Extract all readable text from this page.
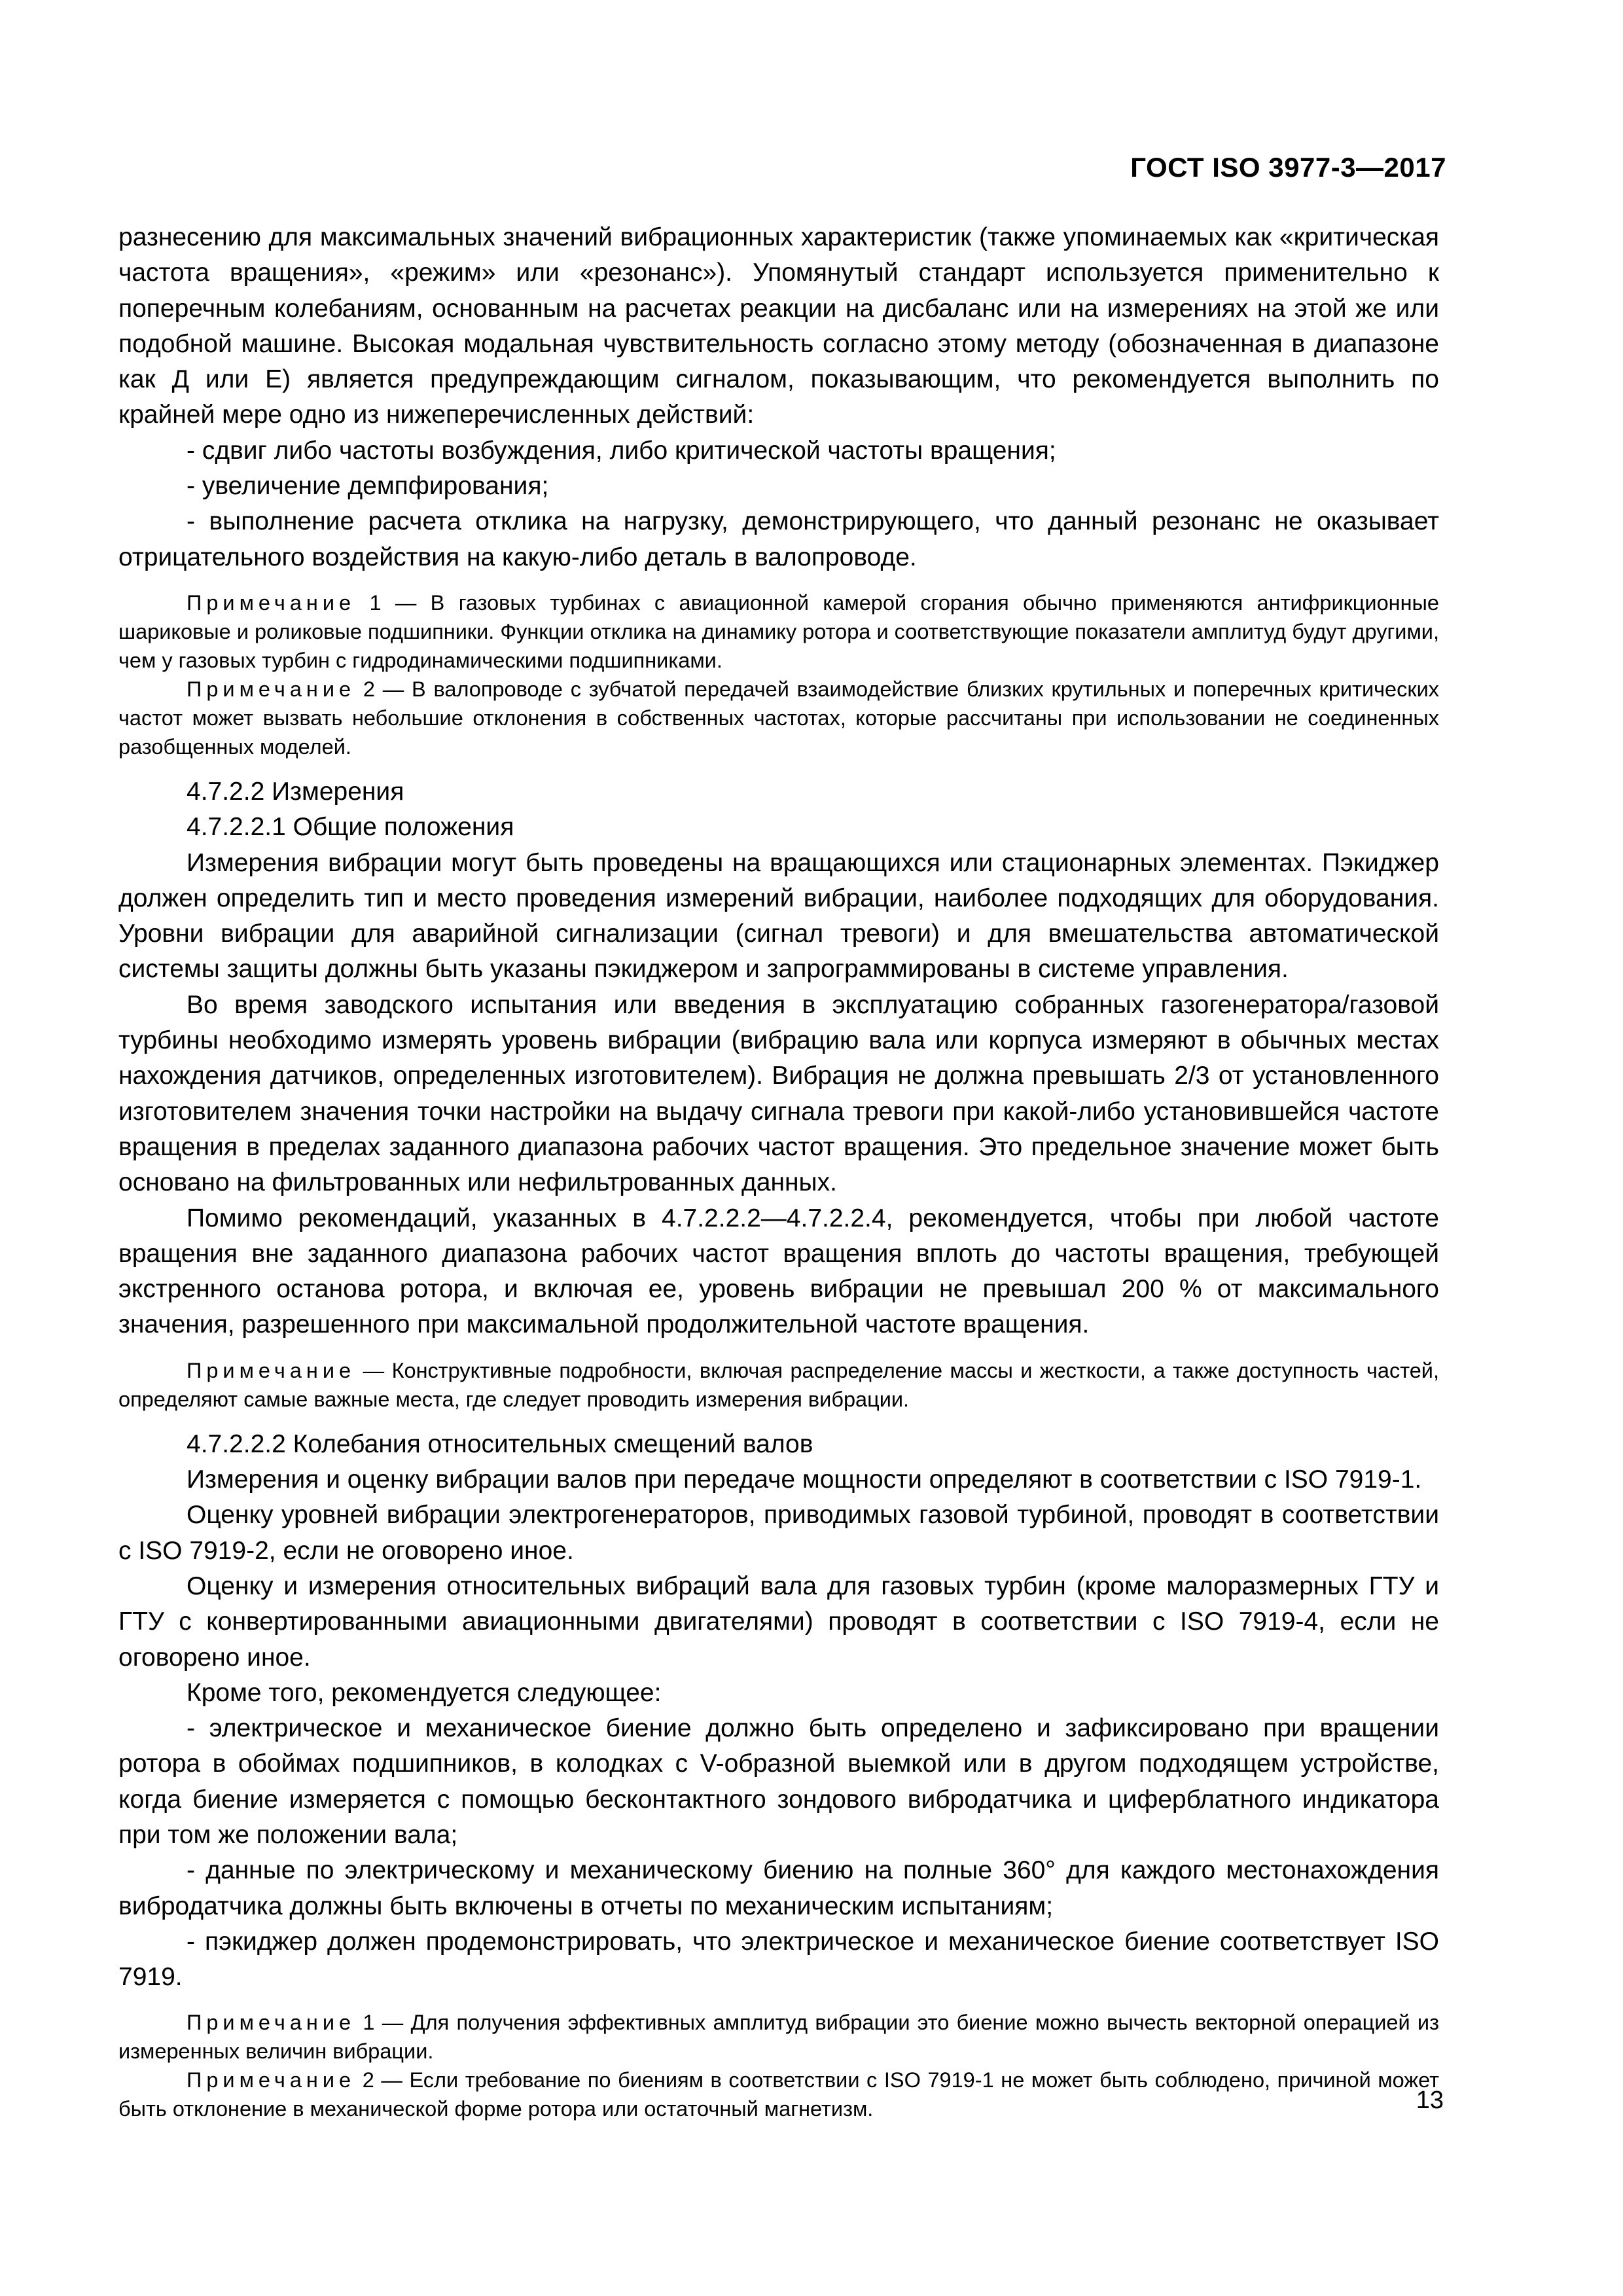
ГОСТ ISO 3977-3—2017

разнесению для максимальных значений вибрационных характеристик (также упоминаемых как «критическая частота вращения», «режим» или «резонанс»). Упомянутый стандарт используется применительно к поперечным колебаниям, основанным на расчетах реакции на дисбаланс или на измерениях на этой же или подобной машине. Высокая модальная чувствительность согласно этому методу (обозначенная в диапазоне как Д или Е) является предупреждающим сигналом, показывающим, что рекомендуется выполнить по крайней мере одно из нижеперечисленных действий:

- сдвиг либо частоты возбуждения, либо критической частоты вращения;

- увеличение демпфирования;

- выполнение расчета отклика на нагрузку, демонстрирующего, что данный резонанс не оказывает отрицательного воздействия на какую-либо деталь в валопроводе.

Примечание 1 — В газовых турбинах с авиационной камерой сгорания обычно применяются антифрикционные шариковые и роликовые подшипники. Функции отклика на динамику ротора и соответствующие показатели амплитуд будут другими, чем у газовых турбин с гидродинамическими подшипниками.

Примечание 2 — В валопроводе с зубчатой передачей взаимодействие близких крутильных и поперечных критических частот может вызвать небольшие отклонения в собственных частотах, которые рассчитаны при использовании не соединенных разобщенных моделей.

4.7.2.2 Измерения

4.7.2.2.1 Общие положения

Измерения вибрации могут быть проведены на вращающихся или стационарных элементах. Пэкиджер должен определить тип и место проведения измерений вибрации, наиболее подходящих для оборудования. Уровни вибрации для аварийной сигнализации (сигнал тревоги) и для вмешательства автоматической системы защиты должны быть указаны пэкиджером и запрограммированы в системе управления.

Во время заводского испытания или введения в эксплуатацию собранных газогенератора/газовой турбины необходимо измерять уровень вибрации (вибрацию вала или корпуса измеряют в обычных местах нахождения датчиков, определенных изготовителем). Вибрация не должна превышать 2/3 от установленного изготовителем значения точки настройки на выдачу сигнала тревоги при какой-либо установившейся частоте вращения в пределах заданного диапазона рабочих частот вращения. Это предельное значение может быть основано на фильтрованных или нефильтрованных данных.

Помимо рекомендаций, указанных в 4.7.2.2.2—4.7.2.2.4, рекомендуется, чтобы при любой частоте вращения вне заданного диапазона рабочих частот вращения вплоть до частоты вращения, требующей экстренного останова ротора, и включая ее, уровень вибрации не превышал 200 % от максимального значения, разрешенного при максимальной продолжительной частоте вращения.

Примечание — Конструктивные подробности, включая распределение массы и жесткости, а также доступность частей, определяют самые важные места, где следует проводить измерения вибрации.

4.7.2.2.2 Колебания относительных смещений валов

Измерения и оценку вибрации валов при передаче мощности определяют в соответствии с ISO 7919-1.

Оценку уровней вибрации электрогенераторов, приводимых газовой турбиной, проводят в соответствии с ISO 7919-2, если не оговорено иное.

Оценку и измерения относительных вибраций вала для газовых турбин (кроме малоразмерных ГТУ и ГТУ с конвертированными авиационными двигателями) проводят в соответствии с ISO 7919-4, если не оговорено иное.

Кроме того, рекомендуется следующее:

- электрическое и механическое биение должно быть определено и зафиксировано при вращении ротора в обоймах подшипников, в колодках с V-образной выемкой или в другом подходящем устройстве, когда биение измеряется с помощью бесконтактного зондового вибродатчика и циферблатного индикатора при том же положении вала;

- данные по электрическому и механическому биению на полные 360° для каждого местонахождения вибродатчика должны быть включены в отчеты по механическим испытаниям;

- пэкиджер должен продемонстрировать, что электрическое и механическое биение соответствует ISO 7919.

Примечание 1 — Для получения эффективных амплитуд вибрации это биение можно вычесть векторной операцией из измеренных величин вибрации.

Примечание 2 — Если требование по биениям в соответствии с ISO 7919-1 не может быть соблюдено, причиной может быть отклонение в механической форме ротора или остаточный магнетизм.	13
